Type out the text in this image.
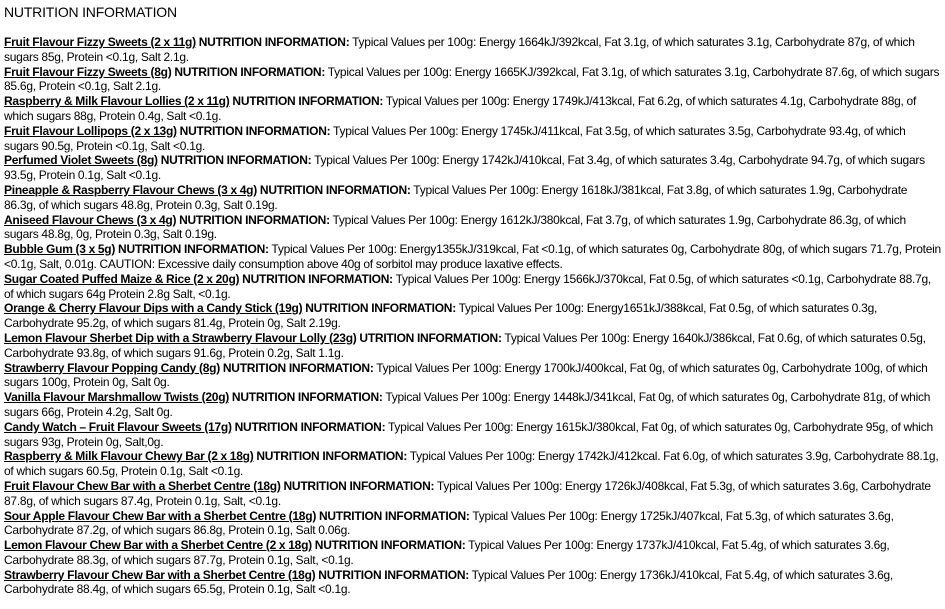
NUTRITION INFORMATION

Fruit Flavour Fizzy Sweets (2 x 11g) NUTRITION INFORMATION: Typical Values per 100g: Energy 1664kJ/392kcal, Fat 3.1g, of which saturates 3.1g, Carbohydrate 87g, of which sugars 85g, Protein <0.1g, Salt 2.1g.

Fruit Flavour Fizzy Sweets (8g) NUTRITION INFORMATION: Typical Values per 100g: Energy 1665KJ/392kcal, Fat 3.1g, of which saturates 3.1g, Carbohydrate 87.6g, of which sugars 85.6g, Protein <0.1g, Salt 2.1g.

Raspberry & Milk Flavour Lollies (2 x 11g) NUTRITION INFORMATION: Typical Values per 100g: Energy 1749kJ/413kcal, Fat 6.2g, of which saturates 4.1g, Carbohydrate 88g, of which sugars 88g, Protein 0.4g, Salt <0.1g.

Fruit Flavour Lollipops (2 x 13g) NUTRITION INFORMATION: Typical Values Per 100g: Energy 1745kJ/411kcal, Fat 3.5g, of which saturates 3.5g, Carbohydrate 93.4g, of which sugars 90.5g, Protein <0.1g, Salt <0.1g.

Perfumed Violet Sweets (8g) NUTRITION INFORMATION: Typical Values Per 100g: Energy 1742kJ/410kcal, Fat 3.4g, of which saturates 3.4g, Carbohydrate 94.7g, of which sugars 93.5g, Protein 0.1g, Salt <0.1g.

Pineapple & Raspberry Flavour Chews (3 x 4g) NUTRITION INFORMATION: Typical Values Per 100g: Energy 1618kJ/381kcal, Fat 3.8g, of which saturates 1.9g, Carbohydrate 86.3g, of which sugars 48.8g, Protein 0.3g, Salt 0.19g.

Aniseed Flavour Chews (3 x 4g) NUTRITION INFORMATION: Typical Values Per 100g: Energy 1612kJ/380kcal, Fat 3.7g, of which saturates 1.9g, Carbohydrate 86.3g, of which sugars 48.8g, 0g, Protein 0.3g, Salt 0.19g.

Bubble Gum (3 x 5g) NUTRITION INFORMATION: Typical Values Per 100g: Energy1355kJ/319kcal, Fat <0.1g, of which saturates 0g, Carbohydrate 80g, of which sugars 71.7g, Protein <0.1g, Salt, 0.01g. CAUTION: Excessive daily consumption above 40g of sorbitol may produce laxative effects.

Sugar Coated Puffed Maize & Rice (2 x 20g) NUTRITION INFORMATION: Typical Values Per 100g: Energy 1566kJ/370kcal, Fat 0.5g, of which saturates <0.1g, Carbohydrate 88.7g, of which sugars 64g Protein 2.8g Salt, <0.1g.

Orange & Cherry Flavour Dips with a Candy Stick (19g) NUTRITION INFORMATION: Typical Values Per 100g: Energy1651kJ/388kcal, Fat 0.5g, of which saturates 0.3g, Carbohydrate 95.2g, of which sugars 81.4g, Protein 0g, Salt 2.19g.

Lemon Flavour Sherbet Dip with a Strawberry Flavour Lolly (23g) UTRITION INFORMATION: Typical Values Per 100g: Energy 1640kJ/386kcal, Fat 0.6g, of which saturates 0.5g, Carbohydrate 93.8g, of which sugars 91.6g, Protein 0.2g, Salt 1.1g.

Strawberry Flavour Popping Candy (8g) NUTRITION INFORMATION: Typical Values Per 100g: Energy 1700kJ/400kcal, Fat 0g, of which saturates 0g, Carbohydrate 100g, of which sugars 100g, Protein 0g, Salt 0g.

Vanilla Flavour Marshmallow Twists (20g) NUTRITION INFORMATION: Typical Values Per 100g: Energy 1448kJ/341kcal, Fat 0g, of which saturates 0g, Carbohydrate 81g, of which sugars 66g, Protein 4.2g, Salt 0g.

Candy Watch – Fruit Flavour Sweets (17g) NUTRITION INFORMATION: Typical Values Per 100g: Energy 1615kJ/380kcal, Fat 0g, of which saturates 0g, Carbohydrate 95g, of which sugars 93g, Protein 0g, Salt,0g.

Raspberry & Milk Flavour Chewy Bar (2 x 18g) NUTRITION INFORMATION: Typical Values Per 100g: Energy 1742kJ/412kcal. Fat 6.0g, of which saturates 3.9g, Carbohydrate 88.1g, of which sugars 60.5g, Protein 0.1g, Salt <0.1g.

Fruit Flavour Chew Bar with a Sherbet Centre (18g) NUTRITION INFORMATION: Typical Values Per 100g: Energy 1726kJ/408kcal, Fat 5.3g, of which saturates 3.6g, Carbohydrate 87.8g, of which sugars 87.4g, Protein 0.1g, Salt, <0.1g.

Sour Apple Flavour Chew Bar with a Sherbet Centre (18g) NUTRITION INFORMATION: Typical Values Per 100g: Energy 1725kJ/407kcal, Fat 5.3g, of which saturates 3.6g, Carbohydrate 87.2g, of which sugars 86.8g, Protein 0.1g, Salt 0.06g.

Lemon Flavour Chew Bar with a Sherbet Centre (2 x 18g) NUTRITION INFORMATION: Typical Values Per 100g: Energy 1737kJ/410kcal, Fat 5.4g, of which saturates 3.6g, Carbohydrate 88.3g, of which sugars 87.7g, Protein 0.1g, Salt, <0.1g.

Strawberry Flavour Chew Bar with a Sherbet Centre (18g) NUTRITION INFORMATION: Typical Values Per 100g: Energy 1736kJ/410kcal, Fat 5.4g, of which saturates 3.6g, Carbohydrate 88.4g, of which sugars 65.5g, Protein 0.1g, Salt <0.1g.
